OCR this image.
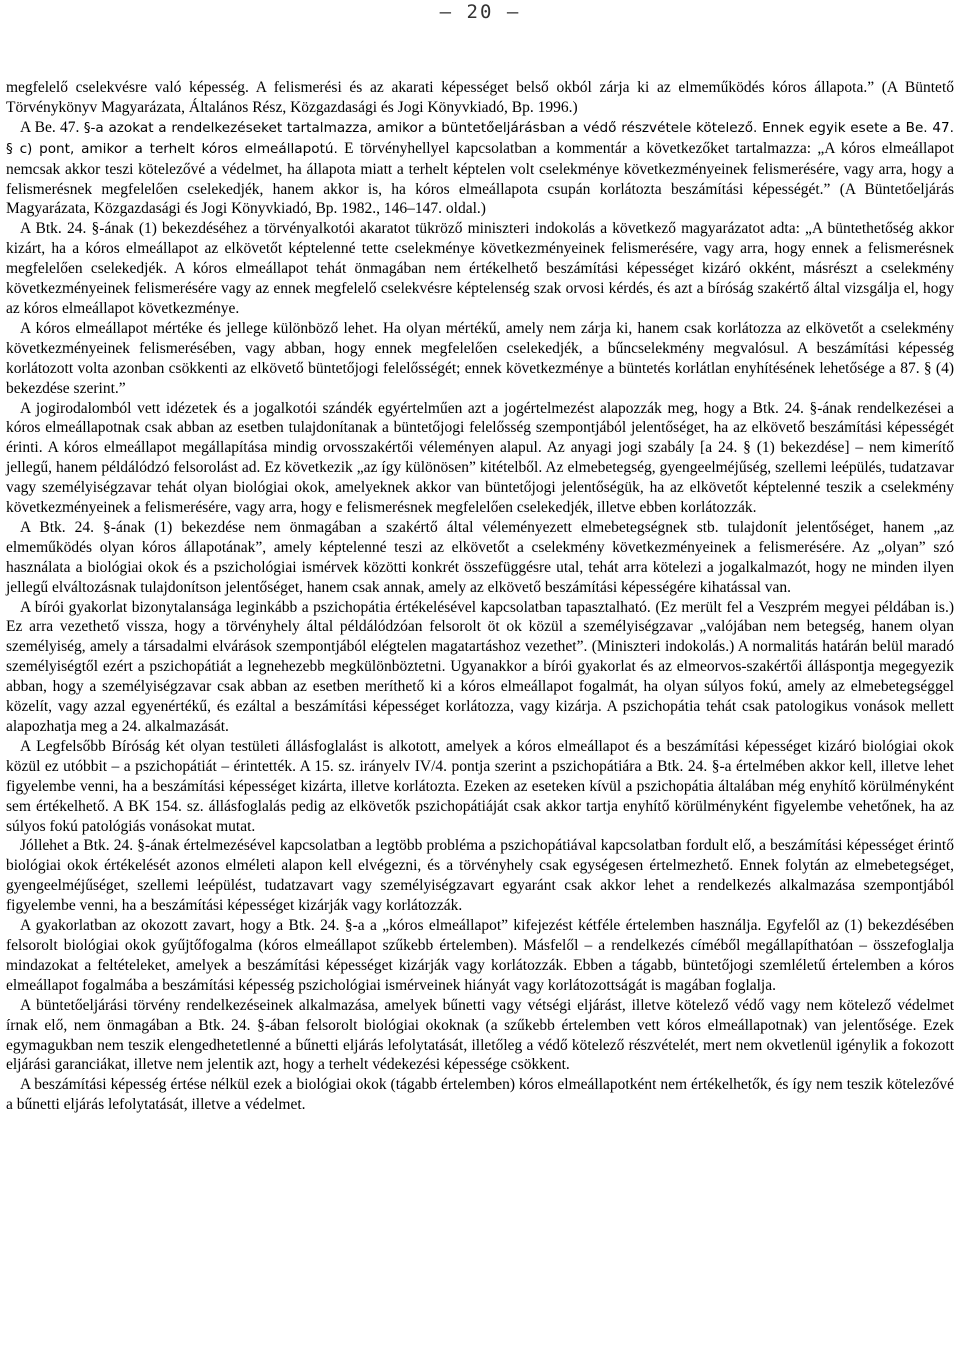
– 20 –

megfelelő cselekvésre való képesség. A felismerési és az akarati képességet belső okból zárja ki az elmeműködés kóros állapota.” (A Büntető Törvénykönyv Magyarázata, Általános Rész, Közgazdasági és Jogi Könyvkiadó, Bp. 1996.)

A Be. 47. §-a azokat a rendelkezéseket tartalmazza, amikor a büntetőeljárásban a védő részvétele kötelező. Ennek egyik esete a Be. 47. § c) pont, amikor a terhelt kóros elmeállapotú. E törvényhellyel kapcsolatban a kommentár a következőket tartalmazza: „A kóros elmeállapot nemcsak akkor teszi kötelezővé a védelmet, ha állapota miatt a terhelt képtelen volt cselekménye következményeinek felismerésére, vagy arra, hogy a felismerésnek megfelelően cselekedjék, hanem akkor is, ha kóros elmeállapota csupán korlátozta beszámítási képességét.” (A Büntetőeljárás Magyarázata, Közgazdasági és Jogi Könyvkiadó, Bp. 1982., 146–147. oldal.)

A Btk. 24. §-ának (1) bekezdéséhez a törvényalkotói akaratot tükröző miniszteri indokolás a következő magyarázatot adta: „A büntethetőség akkor kizárt, ha a kóros elmeállapot az elkövetőt képtelenné tette cselekménye következményeinek felismerésére, vagy arra, hogy ennek a felismerésnek megfelelően cselekedjék. A kóros elmeállapot tehát önmagában nem értékelhető beszámítási képességet kizáró okként, másrészt a cselekmény következményeinek felismerésére vagy az ennek megfelelő cselekvésre képtelenség szak orvosi kérdés, és azt a bíróság szakértő által vizsgálja el, hogy az kóros elmeállapot következménye.

A kóros elmeállapot mértéke és jellege különböző lehet. Ha olyan mértékű, amely nem zárja ki, hanem csak korlátozza az elkövetőt a cselekmény következményeinek felismerésében, vagy abban, hogy ennek megfelelően cselekedjék, a bűncselekmény megvalósul. A beszámítási képesség korlátozott volta azonban csökkenti az elkövető büntetőjogi felelősségét; ennek következménye a büntetés korlátlan enyhítésének lehetősége a 87. § (4) bekezdése szerint.”

A jogirodalomból vett idézetek és a jogalkotói szándék egyértelműen azt a jogértelmezést alapozzák meg, hogy a Btk. 24. §-ának rendelkezései a kóros elmeállapotnak csak abban az esetben tulajdonítanak a büntetőjogi felelősség szempontjából jelentőséget, ha az elkövető beszámítási képességét érinti. A kóros elmeállapot megállapítása mindig orvosszakértői véleményen alapul. Az anyagi jogi szabály [a 24. § (1) bekezdése] – nem kimerítő jellegű, hanem példálódzó felsorolást ad. Ez következik „az így különösen” kitételből. Az elmebetegség, gyengeelméjűség, szellemi leépülés, tudatzavar vagy személyiségzavar tehát olyan biológiai okok, amelyeknek akkor van büntetőjogi jelentőségük, ha az elkövetőt képtelenné teszik a cselekmény következményeinek a felismerésére, vagy arra, hogy e felismerésnek megfelelően cselekedjék, illetve ebben korlátozzák.

A Btk. 24. §-ának (1) bekezdése nem önmagában a szakértő által véleményezett elmebetegségnek stb. tulajdonít jelentőséget, hanem „az elmeműködés olyan kóros állapotának”, amely képtelenné teszi az elkövetőt a cselekmény következményeinek a felismerésére. Az „olyan” szó használata a biológiai okok és a pszichológiai ismérvek közötti konkrét összefüggésre utal, tehát arra kötelezi a jogalkalmazót, hogy ne minden ilyen jellegű elváltozásnak tulajdonítson jelentőséget, hanem csak annak, amely az elkövető beszámítási képességére kihatással van.

A bírói gyakorlat bizonytalansága leginkább a pszichopátia értékelésével kapcsolatban tapasztalható. (Ez merült fel a Veszprém megyei példában is.) Ez arra vezethető vissza, hogy a törvényhely által példálódzóan felsorolt öt ok közül a személyiségzavar „valójában nem betegség, hanem olyan személyiség, amely a társadalmi elvárások szempontjából elégtelen magatartáshoz vezethet”. (Miniszteri indokolás.) A normalitás határán belül maradó személyiségtől ezért a pszichopátiát a legnehezebb megkülönböztetni. Ugyanakkor a bírói gyakorlat és az elmeorvos-szakértői álláspontja megegyezik abban, hogy a személyiségzavar csak abban az esetben meríthető ki a kóros elmeállapot fogalmát, ha olyan súlyos fokú, amely az elmebetegséggel közelít, vagy azzal egyenértékű, és ezáltal a beszámítási képességet korlátozza, vagy kizárja. A pszichopátia tehát csak patologikus vonások mellett alapozhatja meg a 24. alkalmazását.

A Legfelsőbb Bíróság két olyan testületi állásfoglalást is alkotott, amelyek a kóros elmeállapot és a beszámítási képességet kizáró biológiai okok közül ez utóbbit – a pszichopátiát – érintették. A 15. sz. irányelv IV/4. pontja szerint a pszichopátiára a Btk. 24. §-a értelmében akkor kell, illetve lehet figyelembe venni, ha a beszámítási képességet kizárta, illetve korlátozta. Ezeken az eseteken kívül a pszichopátia általában még enyhítő körülményként sem értékelhető. A BK 154. sz. állásfoglalás pedig az elkövetők pszichopátiáját csak akkor tartja enyhítő körülményként figyelembe vehetőnek, ha az súlyos fokú patológiás vonásokat mutat.

Jóllehet a Btk. 24. §-ának értelmezésével kapcsolatban a legtöbb probléma a pszichopátiával kapcsolatban fordult elő, a beszámítási képességet érintő biológiai okok értékelését azonos elméleti alapon kell elvégezni, és a törvényhely csak egységesen értelmezhető. Ennek folytán az elmebetegséget, gyengeelméjűséget, szellemi leépülést, tudatzavart vagy személyiségzavart egyaránt csak akkor lehet a rendelkezés alkalmazása szempontjából figyelembe venni, ha a beszámítási képességet kizárják vagy korlátozzák.

A gyakorlatban az okozott zavart, hogy a Btk. 24. §-a a „kóros elmeállapot” kifejezést kétféle értelemben használja. Egyfelől az (1) bekezdésében felsorolt biológiai okok gyűjtőfogalma (kóros elmeállapot szűkebb értelemben). Másfelől – a rendelkezés címéből megállapíthatóan – összefoglalja mindazokat a feltételeket, amelyek a beszámítási képességet kizárják vagy korlátozzák. Ebben a tágabb, büntetőjogi szemléletű értelemben a kóros elmeállapot fogalmába a beszámítási képesség pszichológiai ismérveinek hiányát vagy korlátozottságát is magában foglalja.

A büntetőeljárási törvény rendelkezéseinek alkalmazása, amelyek bűnetti vagy vétségi eljárást, illetve kötelező védő vagy nem kötelező védelmet írnak elő, nem önmagában a Btk. 24. §-ában felsorolt biológiai okoknak (a szűkebb értelemben vett kóros elmeállapotnak) van jelentősége. Ezek egymagukban nem teszik elengedhetetlenné a bűnetti eljárás lefolytatását, illetőleg a védő kötelező részvételét, mert nem okvetlenül igénylik a fokozott eljárási garanciákat, illetve nem jelentik azt, hogy a terhelt védekezési képessége csökkent.

A beszámítási képesség értése nélkül ezek a biológiai okok (tágabb értelemben) kóros elmeállapotként nem értékelhetők, és így nem teszik kötelezővé a bűnetti eljárás lefolytatását, illetve a védelmet.
